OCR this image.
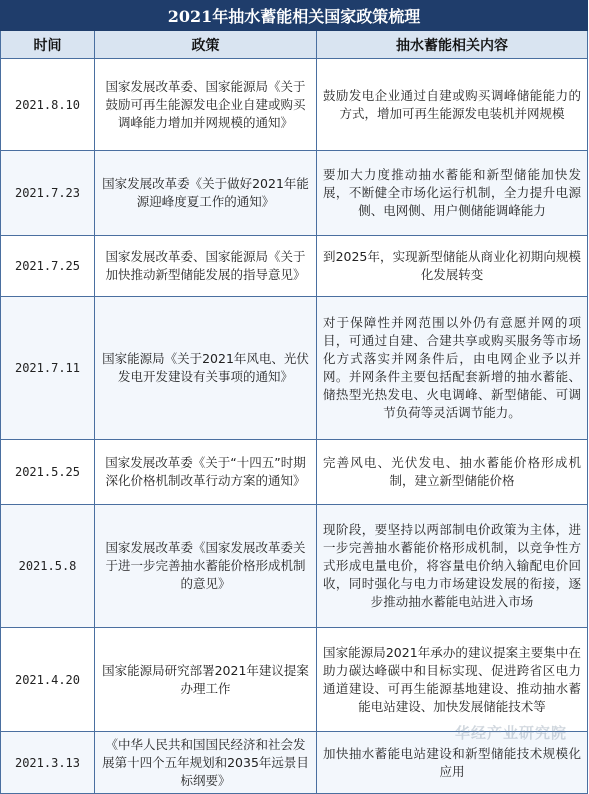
2021年抽水蓄能相关国家政策梳理		
时间	政策	抽水蓄能相关内容
2021.8.10	国家发展改革委、国家能源局《关于鼓励可再生能源发电企业自建或购买调峰能力增加并网规模的通知》	鼓励发电企业通过自建或购买调峰储能能力的方式，增加可再生能源发电装机并网规模
2021.7.23	国家发展改革委《关于做好2021年能源迎峰度夏工作的通知》	要加大力度推动抽水蓄能和新型储能加快发展，不断健全市场化运行机制，全力提升电源侧、电网侧、用户侧储能调峰能力
2021.7.25	国家发展改革委、国家能源局《关于加快推动新型储能发展的指导意见》	到2025年，实现新型储能从商业化初期向规模化发展转变
2021.7.11	国家能源局《关于2021年风电、光伏发电开发建设有关事项的通知》	对于保障性并网范围以外仍有意愿并网的项目，可通过自建、合建共享或购买服务等市场化方式落实并网条件后，由电网企业予以并网。并网条件主要包括配套新增的抽水蓄能、储热型光热发电、火电调峰、新型储能、可调节负荷等灵活调节能力。
2021.5.25	国家发展改革委《关于“十四五”时期深化价格机制改革行动方案的通知》	完善风电、光伏发电、抽水蓄能价格形成机制，建立新型储能价格
2021.5.8	国家发展改革委《国家发展改革委关于进一步完善抽水蓄能价格形成机制的意见》	现阶段，要坚持以两部制电价政策为主体，进一步完善抽水蓄能价格形成机制，以竞争性方式形成电量电价，将容量电价纳入输配电价回收，同时强化与电力市场建设发展的衔接，逐步推动抽水蓄能电站进入市场
2021.4.20	国家能源局研究部署2021年建议提案办理工作	国家能源局2021年承办的建议提案主要集中在助力碳达峰碳中和目标实现、促进跨省区电力通道建设、可再生能源基地建设、推动抽水蓄能电站建设、加快发展储能技术等
2021.3.13	《中华人民共和国国民经济和社会发展第十四个五年规划和2035年远景目标纲要》	加快抽水蓄能电站建设和新型储能技术规模化应用
华经产业研究院
